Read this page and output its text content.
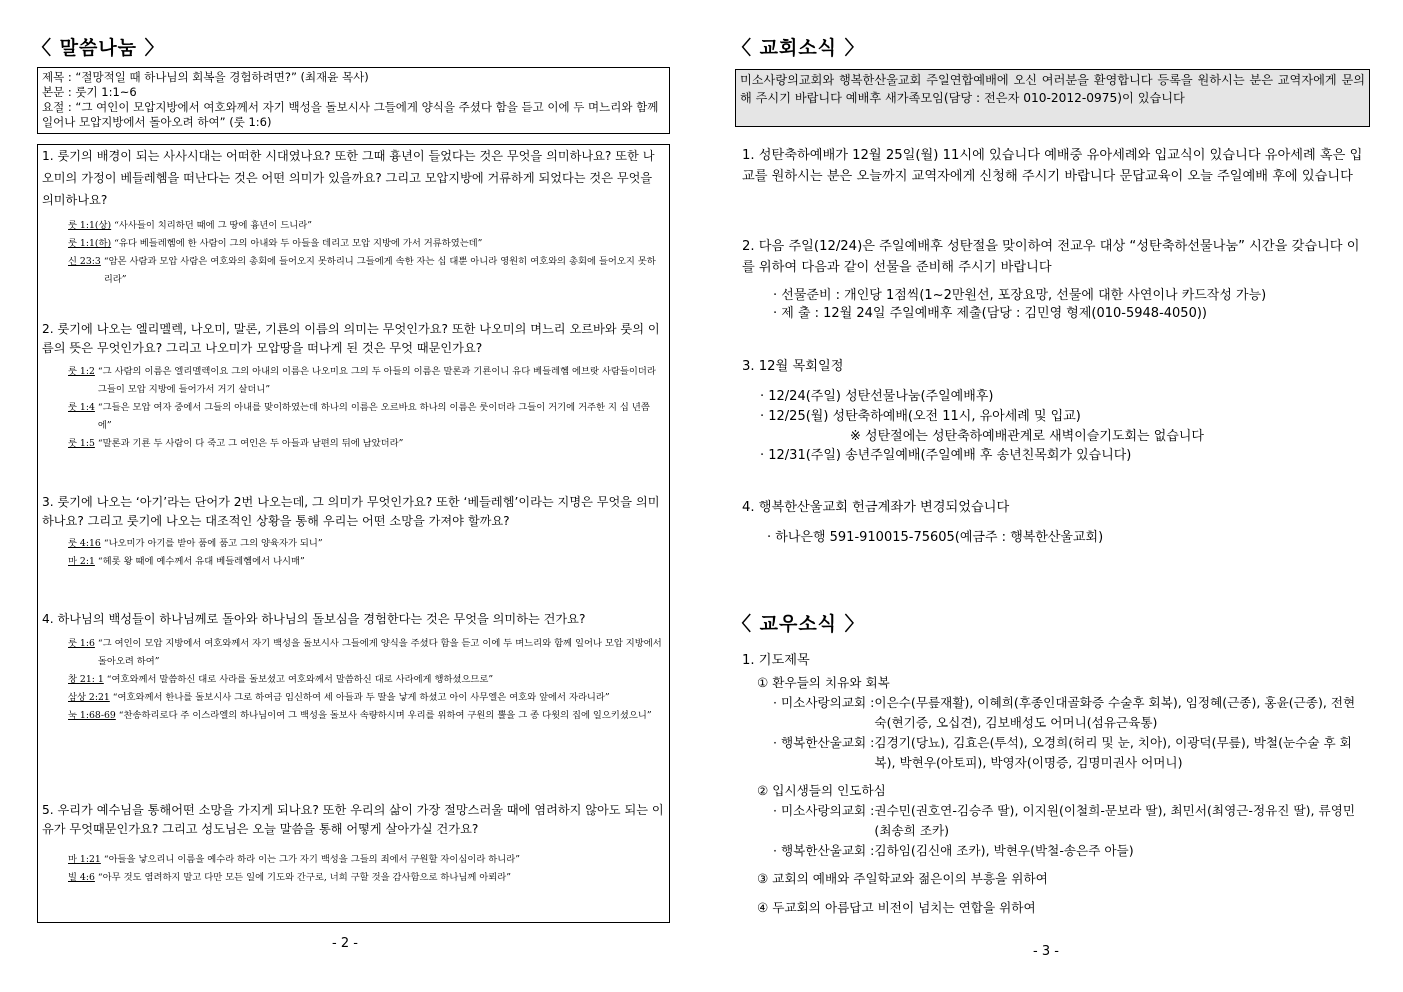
〈 말씀나눔 〉
제목 : “절망적일 때 하나님의 회복을 경험하려면?” (최재윤 목사)
본문 : 룻기 1:1~6
요절 : “그 여인이 모압지방에서 여호와께서 자기 백성을 돌보시사 그들에게 양식을 주셨다 함을 듣고 이에 두 며느리와 함께 일어나 모압지방에서 돌아오려 하여” (룻 1:6)
1. 룻기의 배경이 되는 사사시대는 어떠한 시대였나요? 또한 그때 흉년이 들었다는 것은 무엇을 의미하나요? 또한 나오미의 가정이 베들레헴을 떠난다는 것은 어떤 의미가 있을까요? 그리고 모압지방에 거류하게 되었다는 것은 무엇을 의미하나요?
룻 1:1(상) “사사들이 치리하던 때에 그 땅에 흉년이 드니라”
룻 1:1(하) “유다 베들레헴에 한 사람이 그의 아내와 두 아들을 데리고 모압 지방에 가서 거류하였는데”
신 23:3 “암몬 사람과 모압 사람은 여호와의 총회에 들어오지 못하리니 그들에게 속한 자는 십 대뿐 아니라 영원히 여호와의 총회에 들어오지 못하리라”
2. 룻기에 나오는 엘리멜렉, 나오미, 말론, 기룐의 이름의 의미는 무엇인가요? 또한 나오미의 며느리 오르바와 룻의 이름의 뜻은 무엇인가요? 그리고 나오미가 모압땅을 떠나게 된 것은 무엇 때문인가요?
룻 1:2 “그 사람의 이름은 엘리멜렉이요 그의 아내의 이름은 나오미요 그의 두 아들의 이름은 말론과 기룐이니 유다 베들레헴 에브랏 사람들이더라 그들이 모압 지방에 들어가서 거기 살더니”
룻 1:4 “그들은 모압 여자 중에서 그들의 아내를 맞이하였는데 하나의 이름은 오르바요 하나의 이름은 룻이더라 그들이 거기에 거주한 지 십 년쯤에”
룻 1:5 “말론과 기룐 두 사람이 다 죽고 그 여인은 두 아들과 남편의 뒤에 남았더라”
3. 룻기에 나오는 ‘아기’라는 단어가 2번 나오는데, 그 의미가 무엇인가요? 또한 ‘베들레헴’이라는 지명은 무엇을 의미하나요? 그리고 룻기에 나오는 대조적인 상황을 통해 우리는 어떤 소망을 가져야 할까요?
룻 4:16 “나오미가 아기를 받아 품에 품고 그의 양육자가 되니”
마 2:1 “헤롯 왕 때에 예수께서 유대 베들레헴에서 나시매”
4. 하나님의 백성들이 하나님께로 돌아와 하나님의 돌보심을 경험한다는 것은 무엇을 의미하는 건가요?
룻 1:6 “그 여인이 모압 지방에서 여호와께서 자기 백성을 돌보시사 그들에게 양식을 주셨다 함을 듣고 이에 두 며느리와 함께 일어나 모압 지방에서 돌아오려 하여”
창 21: 1 “여호와께서 말씀하신 대로 사라를 돌보셨고 여호와께서 말씀하신 대로 사라에게 행하셨으므로”
삼상 2:21 “여호와께서 한나를 돌보시사 그로 하여금 임신하여 세 아들과 두 딸을 낳게 하셨고 아이 사무엘은 여호와 앞에서 자라니라”
눅 1:68-69 “찬송하리로다 주 이스라엘의 하나님이여 그 백성을 돌보사 속량하시며 우리를 위하여 구원의 뿔을 그 종 다윗의 집에 일으키셨으니”
5. 우리가 예수님을 통해어떤 소망을 가지게 되나요? 또한 우리의 삶이 가장 절망스러울 때에 염려하지 않아도 되는 이유가 무엇때문인가요? 그리고 성도님은 오늘 말씀을 통해 어떻게 살아가실 건가요?
마 1:21 “아들을 낳으리니 이름을 예수라 하라 이는 그가 자기 백성을 그들의 죄에서 구원할 자이심이라 하니라”
빌 4:6 “아무 것도 염려하지 말고 다만 모든 일에 기도와 간구로, 너희 구할 것을 감사함으로 하나님께 아뢰라”
- 2 -
〈 교회소식 〉
미소사랑의교회와 행복한산울교회 주일연합예배에 오신 여러분을 환영합니다 등록을 원하시는 분은 교역자에게 문의해 주시기 바랍니다 예배후 새가족모임(담당 : 전은자 010-2012-0975)이 있습니다
1. 성탄축하예배가 12월 25일(월) 11시에 있습니다 예배중 유아세례와 입교식이 있습니다 유아세례 혹은 입교를 원하시는 분은 오늘까지 교역자에게 신청해 주시기 바랍니다 문답교육이 오늘 주일예배 후에 있습니다
2. 다음 주일(12/24)은 주일예배후 성탄절을 맞이하여 전교우 대상 “성탄축하선물나눔” 시간을 갖습니다 이를 위하여 다음과 같이 선물을 준비해 주시기 바랍니다
· 선물준비 : 개인당 1점씩(1~2만원선, 포장요망, 선물에 대한 사연이나 카드작성 가능)
· 제 출 : 12월 24일 주일예배후 제출(담당 : 김민영 형제(010-5948-4050))
3. 12월 목회일정
· 12/24(주일) 성탄선물나눔(주일예배후)
· 12/25(월) 성탄축하예배(오전 11시, 유아세례 및 입교)
※ 성탄절에는 성탄축하예배관계로 새벽이슬기도회는 없습니다
· 12/31(주일) 송년주일예배(주일예배 후 송년친목회가 있습니다)
4. 행복한산울교회 헌금계좌가 변경되었습니다
· 하나은행 591-910015-75605(예금주 : 행복한산울교회)
〈 교우소식 〉
1. 기도제목
① 환우들의 치유와 회복
· 미소사랑의교회 : 이은수(무릎재활), 이혜희(후종인대골화증 수술후 회복), 임정혜(근종), 홍윤(근종), 전현숙(현기증, 오십견), 김보배성도 어머니(섬유근육통)
· 행복한산울교회 : 김경기(당뇨), 김효은(투석), 오경희(허리 및 눈, 치아), 이광덕(무릎), 박철(눈수술 후 회복), 박현우(아토피), 박영자(이명증, 김명미권사 어머니)
② 입시생들의 인도하심
· 미소사랑의교회 : 권수민(권호연-김승주 딸), 이지원(이철희-문보라 딸), 최민서(최영근-정유진 딸), 류영민(최송희 조카)
· 행복한산울교회 : 김하임(김신애 조카), 박현우(박철-송은주 아들)
③ 교회의 예배와 주일학교와 젊은이의 부흥을 위하여
④ 두교회의 아름답고 비전이 넘치는 연합을 위하여
- 3 -
